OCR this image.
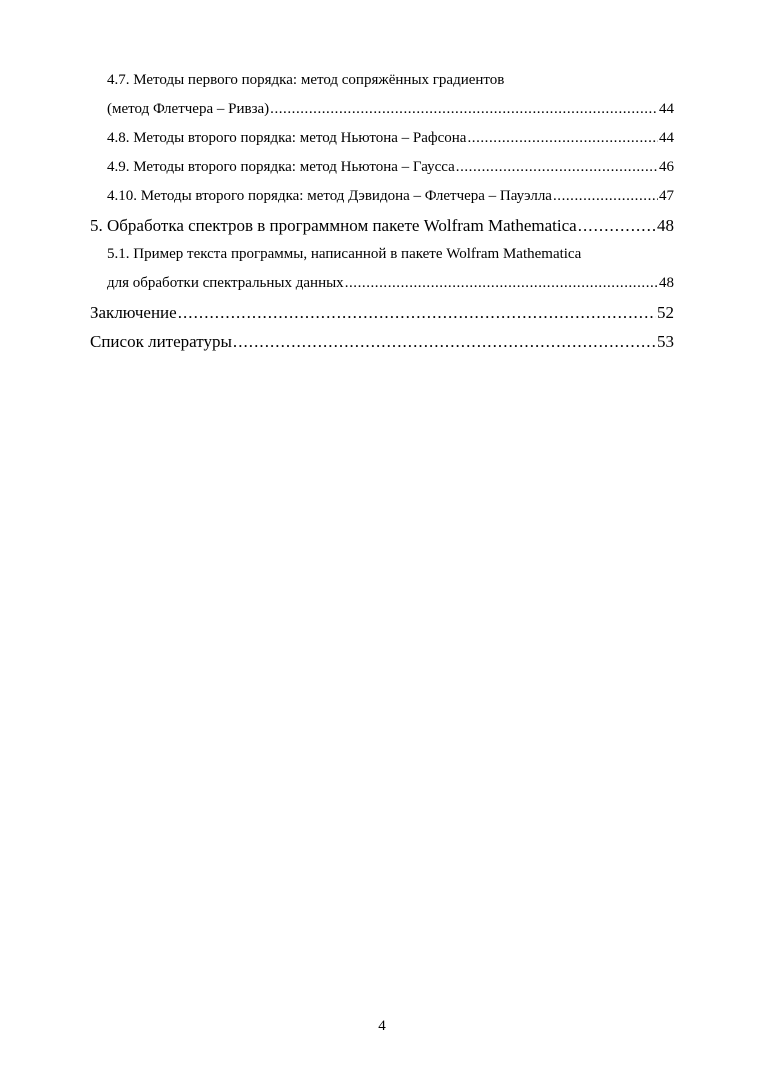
4.7. Методы первого порядка: метод сопряжённых градиентов
(метод Флетчера – Ривза) . . .	44
4.8. Методы второго порядка: метод Ньютона – Рафсона . . .	44
4.9. Методы второго порядка: метод Ньютона – Гаусса . . .	46
4.10. Методы второго порядка: метод Дэвидона – Флетчера – Пауэлла . . .	47
5. Обработка спектров в программном пакете Wolfram Mathematica . . .	48
5.1. Пример текста программы, написанной в пакете Wolfram Mathematica
для обработки спектральных данных . . .	48
Заключение . . .	52
Список литературы . . .	53
4
